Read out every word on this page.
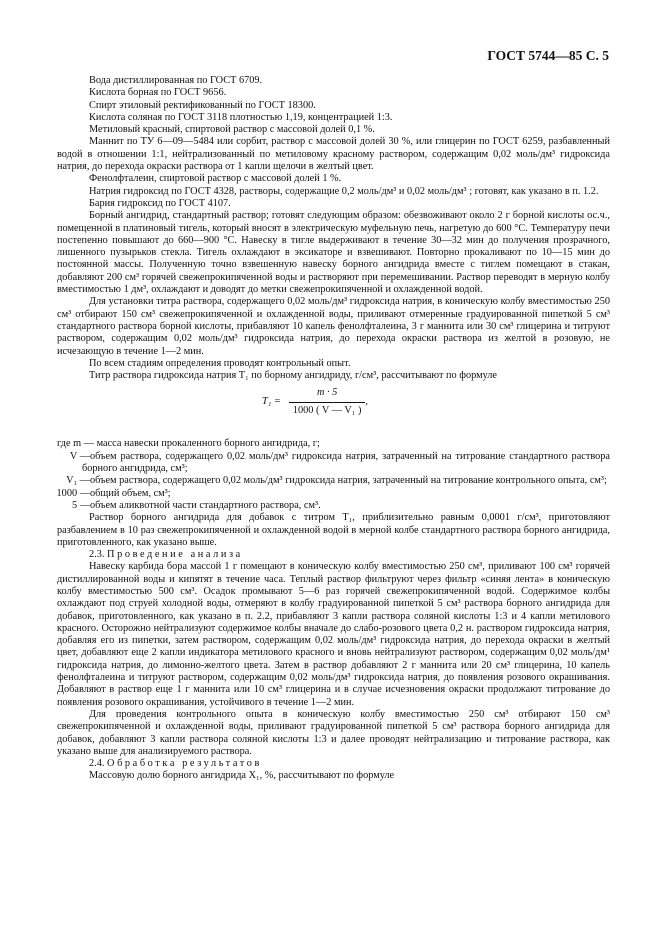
ГОСТ 5744—85 С. 5

Вода дистиллированная по ГОСТ 6709.

Кислота борная по ГОСТ 9656.

Спирт этиловый ректификованный по ГОСТ 18300.

Кислота соляная по ГОСТ 3118 плотностью 1,19, концентрацией 1:3.

Метиловый красный, спиртовой раствор с массовой долей 0,1 %.

Маннит по ТУ 6—09—5484 или сорбит, раствор с массовой долей 30 %, или глицерин по ГОСТ 6259, разбавленный водой в отношении 1:1, нейтрализованный по метиловому красному раствором, содержащим 0,02 моль/дм³ гидроксида натрия, до перехода окраски раствора от 1 капли щелочи в желтый цвет.

Фенолфталеин, спиртовой раствор с массовой долей 1 %.

Натрия гидроксид по ГОСТ 4328, растворы, содержащие 0,2 моль/дм³ и 0,02 моль/дм³ ; готовят, как указано в п. 1.2.

Бария гидроксид по ГОСТ 4107.

Борный ангидрид, стандартный раствор; готовят следующим образом: обезвоживают около 2 г борной кислоты ос.ч., помещенной в платиновый тигель, который вносят в электрическую муфельную печь, нагретую до 600 °С. Температуру печи постепенно повышают до 660—900 °С. Навеску в тигле выдерживают в течение 30—32 мин до получения прозрачного, лишенного пузырьков стекла. Тигель охлаждают в эксикаторе и взвешивают. Повторно прокаливают по 10—15 мин до постоянной массы. Полученную точно взвешенную навеску борного ангидрида вместе с тиглем помещают в стакан, добавляют 200 см³ горячей свежепрокипяченной воды и растворяют при перемешивании. Раствор переводят в мерную колбу вместимостью 1 дм³, охлаждают и доводят до метки свежепрокипяченной и охлажденной водой.

Для установки титра раствора, содержащего 0,02 моль/дм³ гидроксида натрия, в коническую колбу вместимостью 250 см³ отбирают 150 см³ свежепрокипяченной и охлажденной воды, приливают отмеренные градуированной пипеткой 5 см³ стандартного раствора борной кислоты, прибавляют 10 капель фенолфталеина, 3 г маннита или 30 см³ глицерина и титруют раствором, содержащим 0,02 моль/дм³ гидроксида натрия, до перехода окраски раствора из желтой в розовую, не исчезающую в течение 1—2 мин.

По всем стадиям определения проводят контрольный опыт.

Титр раствора гидроксида натрия T₁ по борному ангидриду, г/см³, рассчитывают по формуле

$T_1 = \frac{m \cdot 5}{\text{1000 ( V — V₁ )}}$ ,
где m — масса навески прокаленного борного ангидрида, г;
V — объем раствора, содержащего 0,02 моль/дм³ гидроксида натрия, затраченный на титрование стандартного раствора борного ангидрида, см³;
V₁ — объем раствора, содержащего 0,02 моль/дм³ гидроксида натрия, затраченный на титрование контрольного опыта, см³;
1000 — общий объем, см³;
5 — объем аликвотной части стандартного раствора, см³.

Раствор борного ангидрида для добавок с титром T₁, приблизительно равным 0,0001 г/см³, приготовляют разбавлением в 10 раз свежепрокипяченной и охлажденной водой в мерной колбе стандартного раствора борного ангидрида, приготовленного, как указано выше.

2.3. Проведение анализа

Навеску карбида бора массой 1 г помещают в коническую колбу вместимостью 250 см³, приливают 100 см³ горячей дистиллированной воды и кипятят в течение часа. Теплый раствор фильтруют через фильтр «синяя лента» в коническую колбу вместимостью 500 см³. Осадок промывают 5—6 раз горячей свежепрокипяченной водой. Содержимое колбы охлаждают под струей холодной воды, отмеряют в колбу градуированной пипеткой 5 см³ раствора борного ангидрида для добавок, приготовленного, как указано в п. 2.2, прибавляют 3 капли раствора соляной кислоты 1:3 и 4 капли метилового красного. Осторожно нейтрализуют содержимое колбы вначале до слабо-розового цвета 0,2 н. раствором гидроксида натрия, добавляя его из пипетки, затем раствором, содержащим 0,02 моль/дм³ гидроксида натрия, до перехода окраски в желтый цвет, добавляют еще 2 капли индикатора метилового красного и вновь нейтрализуют раствором, содержащим 0,02 моль/дм¹ гидроксида натрия, до лимонно-желтого цвета. Затем в раствор добавляют 2 г маннита или 20 см³ глицерина, 10 капель фенолфталеина и титруют раствором, содержащим 0,02 моль/дм³ гидроксида натрия, до появления розового окрашивания. Добавляют в раствор еще 1 г маннита или 10 см³ глицерина и в случае исчезновения окраски продолжают титрование до появления розового окрашивания, устойчивого в течение 1—2 мин.

Для проведения контрольного опыта в коническую колбу вместимостью 250 см³ отбирают 150 см³ свежепрокипяченной и охлажденной воды, приливают градуированной пипеткой 5 см³ раствора борного ангидрида для добавок, добавляют 3 капли раствора соляной кислоты 1:3 и далее проводят нейтрализацию и титрование раствора, как указано выше для анализируемого раствора.

2.4. Обработка результатов

Массовую долю борного ангидрида X₁, %, рассчитывают по формуле
